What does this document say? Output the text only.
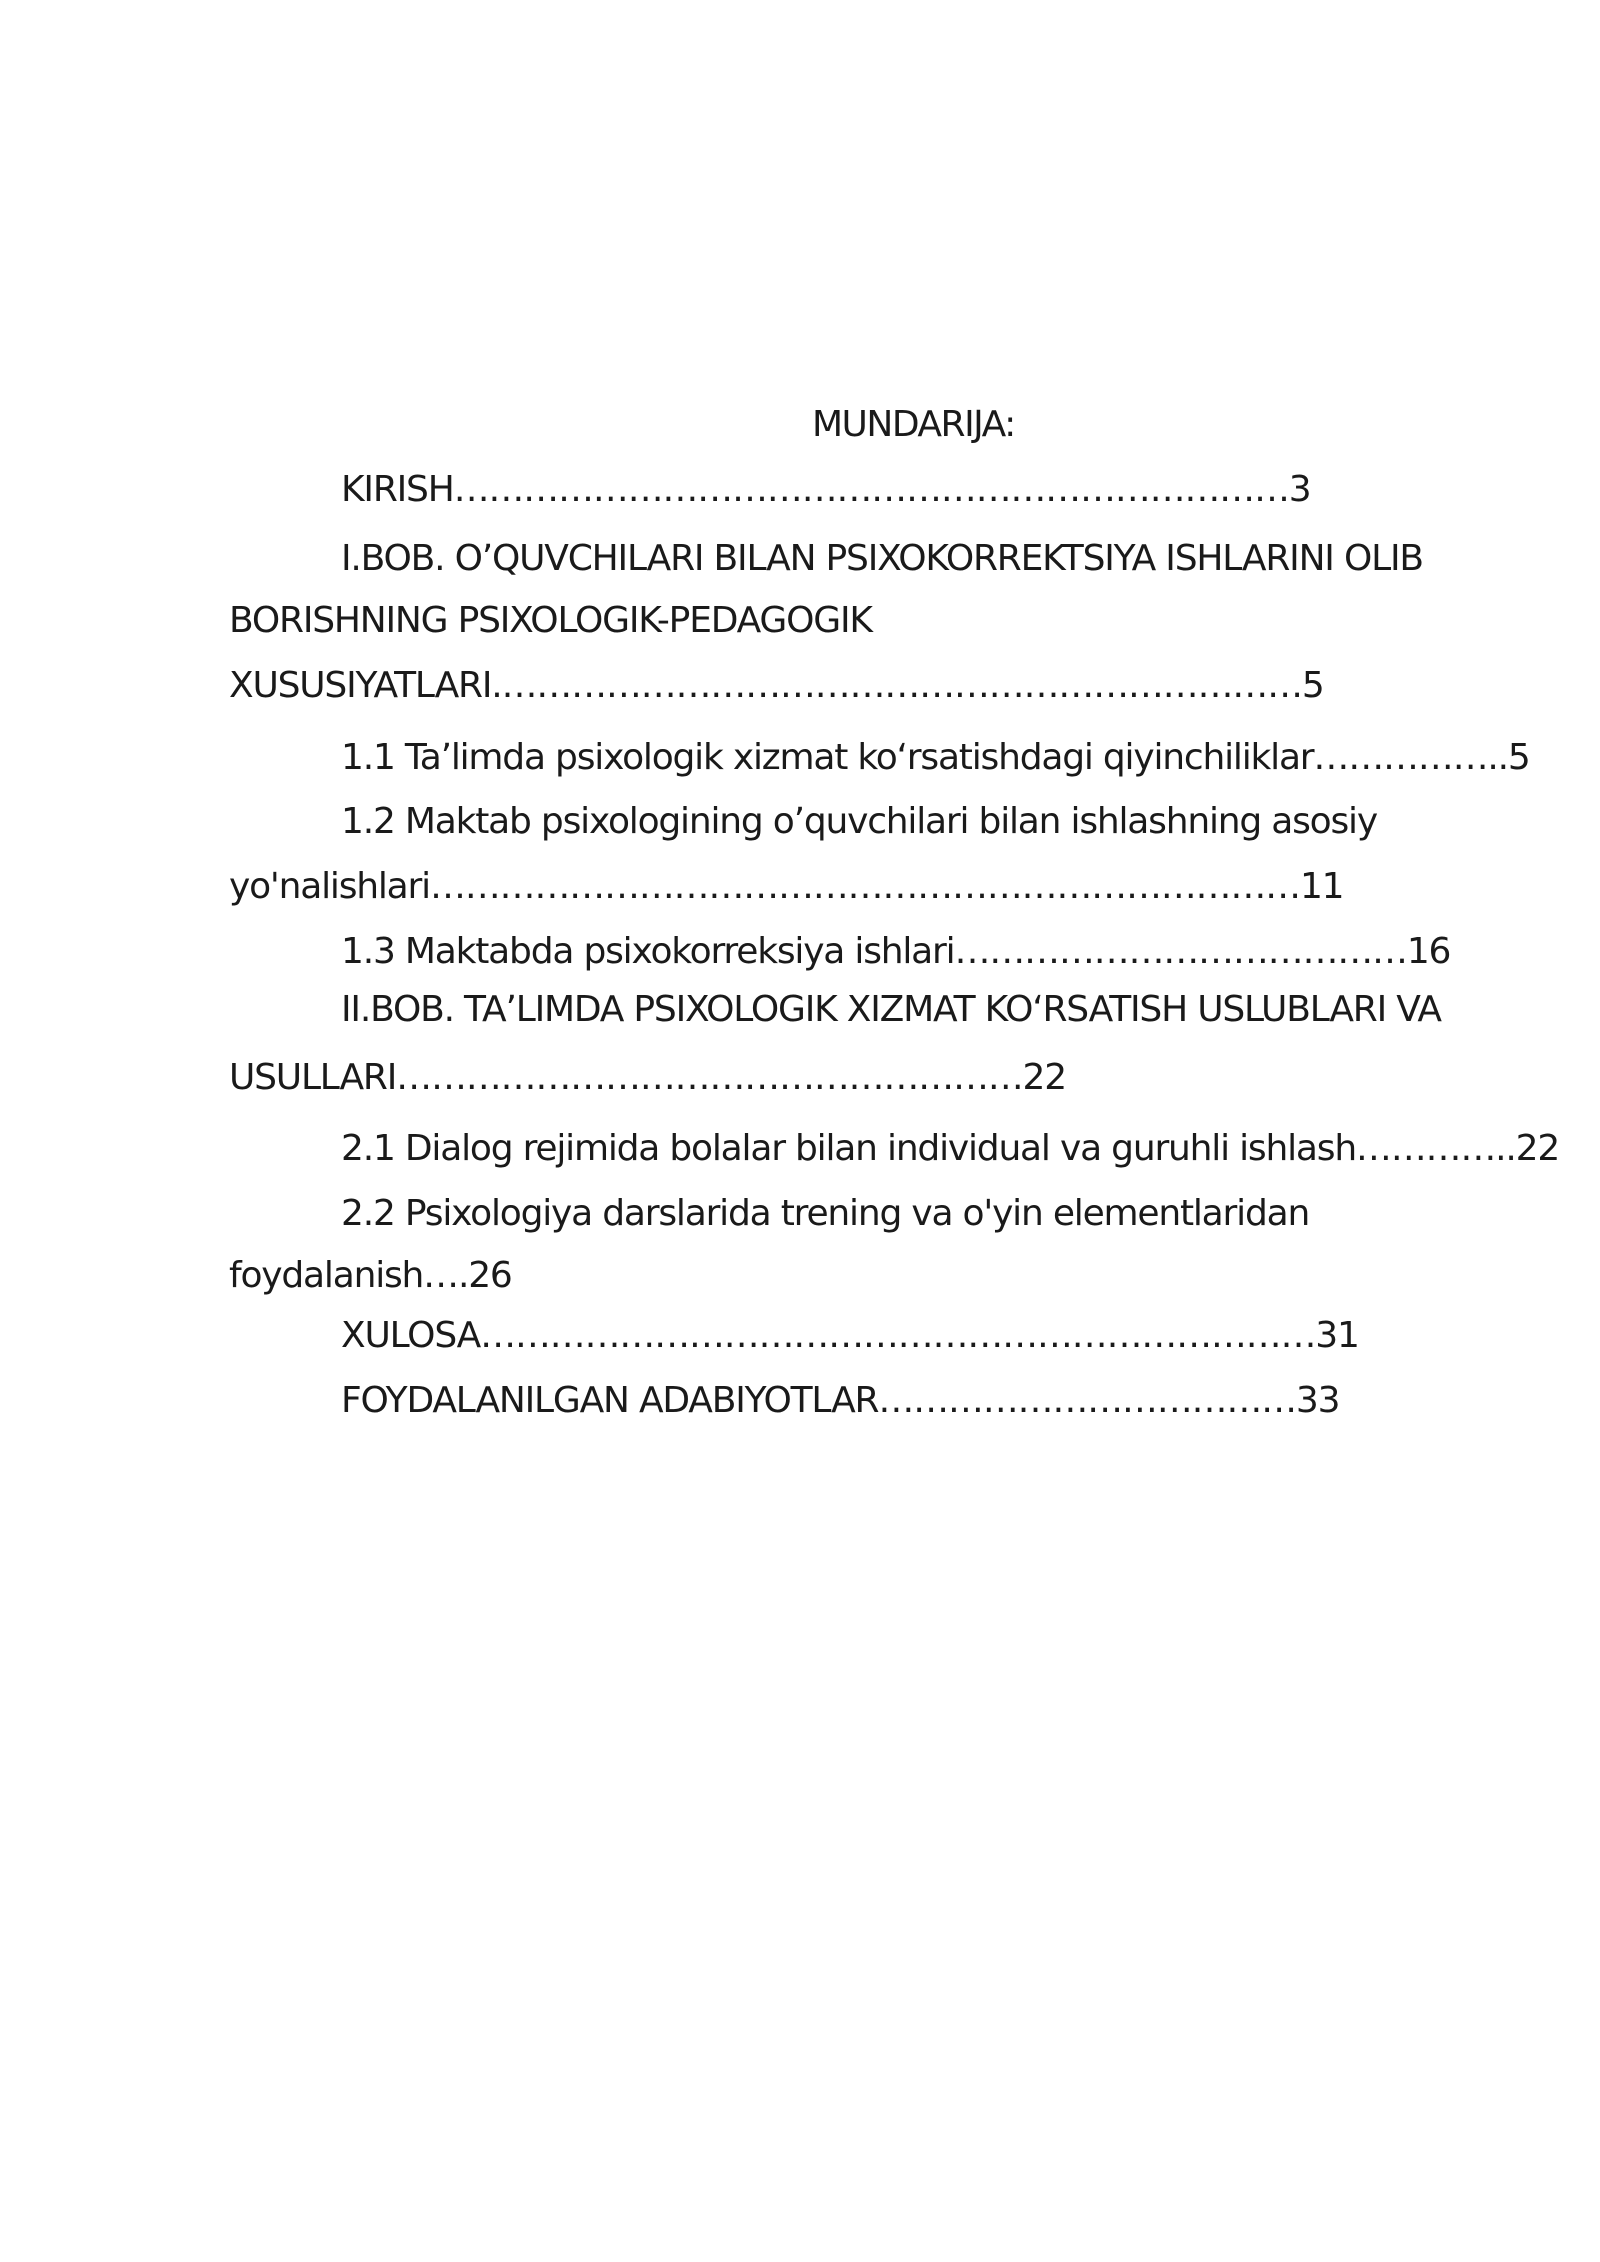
MUNDARIJA:
KIRISH………………………………………………………………3
I.BOB. O’QUVCHILARI BILAN PSIXOKORREKTSIYA ISHLARINI OLIB
BORISHNING PSIXOLOGIK-PEDAGOGIK
XUSUSIYATLARI.……………………………………………………………5
1.1 Ta’limda psixologik xizmat ko‘rsatishdagi qiyinchiliklar……………..5
1.2 Maktab psixologining o’quvchilari bilan ishlashning asosiy
yo'nalishlari…………………………………………………………………11
1.3 Maktabda psixokorreksiya ishlari…………………………………16
II.BOB. TA’LIMDA PSIXOLOGIK XIZMAT KO‘RSATISH USLUBLARI VA
USULLARI………………………………………………22
2.1 Dialog rejimida bolalar bilan individual va guruhli ishlash…………..22
2.2 Psixologiya darslarida trening va o'yin elementlaridan
foydalanish….26
XULOSA………………………………………………………………31
FOYDALANILGAN ADABIYOTLAR………………………………33
